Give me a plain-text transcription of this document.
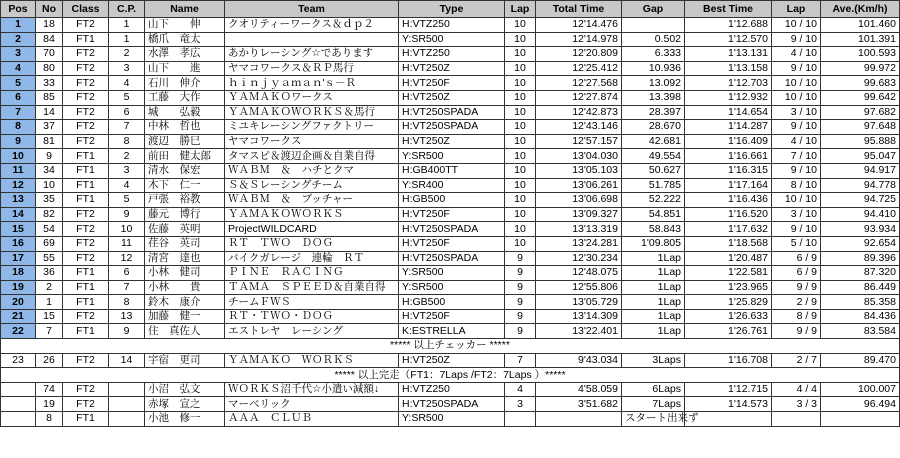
Pos	No	Class	C.P.	Name	Team	Type	Lap	Total Time	Gap	Best Time	Lap	Ave.(Km/h)
1	18	FT2	1	山下　　伸	クオリティーワークス＆ｄｐ２	H:VTZ250	10	12'14.476		1'12.688	10 / 10	101.460
2	84	FT1	1	橋爪　竜太		Y:SR500	10	12'14.978	0.502	1'12.570	9 / 10	101.391
3	70	FT2	2	水澤　孝広	あかりレーシング☆であります	H:VTZ250	10	12'20.809	6.333	1'13.131	4 / 10	100.593
4	80	FT2	3	山下　　進	ヤマコワークス＆ＲＰ馬行	H:VT250Z	10	12'25.412	10.936	1'13.158	9 / 10	99.972
5	33	FT2	4	石川　伸介	ｈｉｎｊｙａｍａｎ'ｓ－Ｒ	H:VT250F	10	12'27.568	13.092	1'12.703	10 / 10	99.683
6	85	FT2	5	工藤　大作	ＹＡＭＡＫＯワークス	H:VT250Z	10	12'27.874	13.398	1'12.932	10 / 10	99.642
7	14	FT2	6	城　　弘毅	ＹＡＭＡＫＯＷＯＲＫＳ＆馬行	H:VT250SPADA	10	12'42.873	28.397	1'14.654	3 / 10	97.682
8	37	FT2	7	中林　哲也	ミユキレーシングファクトリー	H:VT250SPADA	10	12'43.146	28.670	1'14.287	9 / 10	97.648
9	81	FT2	8	渡辺　勝巳	ヤマコワークス	H:VT250Z	10	12'57.157	42.681	1'16.409	4 / 10	95.888
10	9	FT1	2	前田　健太郎	タマスピ＆渡辺企画＆自業自得	Y:SR500	10	13'04.030	49.554	1'16.661	7 / 10	95.047
11	34	FT1	3	清水　保宏	ＷＡＢＭ　＆　ハチとクマ	H:GB400TT	10	13'05.103	50.627	1'16.315	9 / 10	94.917
12	10	FT1	4	木下　仁一	Ｓ＆Ｓレーシングチーム	Y:SR400	10	13'06.261	51.785	1'17.164	8 / 10	94.778
13	35	FT1	5	戸張　裕教	ＷＡＢＭ　＆　ブッチャー	H:GB500	10	13'06.698	52.222	1'16.436	10 / 10	94.725
14	82	FT2	9	藤元　博行	ＹＡＭＡＫＯＷＯＲＫＳ	H:VT250F	10	13'09.327	54.851	1'16.520	3 / 10	94.410
15	54	FT2	10	佐藤　英明	ProjectWILDCARD	H:VT250SPADA	10	13'13.319	58.843	1'17.632	9 / 10	93.934
16	69	FT2	11	荏谷　英司	ＲＴ　ＴＷＯ　ＤＯＧ	H:VT250F	10	13'24.281	1'09.805	1'18.568	5 / 10	92.654
17	55	FT2	12	清宮　達也	バイクガレージ　連輪　ＲＴ	H:VT250SPADA	9	12'30.234	1Lap	1'20.487	6 / 9	89.396
18	36	FT1	6	小林　健司	ＰＩＮＥ　ＲＡＣＩＮＧ	Y:SR500	9	12'48.075	1Lap	1'22.581	6 / 9	87.320
19	2	FT1	7	小林　　貴	ＴＡＭＡ　ＳＰＥＥＤ＆自業自得	Y:SR500	9	12'55.806	1Lap	1'23.965	9 / 9	86.449
20	1	FT1	8	鈴木　康介	チームＦＷＳ	H:GB500	9	13'05.729	1Lap	1'25.829	2 / 9	85.358
21	15	FT2	13	加藤　健一	ＲＴ・ＴＷＯ・ＤＯＧ	H:VT250F	9	13'14.309	1Lap	1'26.633	8 / 9	84.436
22	7	FT1	9	住　真佐人	エストレヤ　レーシング	K:ESTRELLA	9	13'22.401	1Lap	1'26.761	9 / 9	83.584
***** 以上チェッカー *****												
23	26	FT2	14	宇宿　更司	ＹＡＭＡＫＯ　ＷＯＲＫＳ	H:VT250Z	7	9'43.034	3Laps	1'16.708	2 / 7	89.470
***** 以上完走（FT1：7Laps /FT2：7Laps ）*****												
	74	FT2		小沼　弘文	ＷＯＲＫＳ沼千代☆小遣い減額↓	H:VTZ250	4	4'58.059	6Laps	1'12.715	4 / 4	100.007
	19	FT2		赤塚　宣之	マーベリック	H:VT250SPADA	3	3'51.682	7Laps	1'14.573	3 / 3	96.494
	8	FT1		小池　修一	ＡＡＡ　ＣＬＵＢ	Y:SR500			スタート出来ず			
